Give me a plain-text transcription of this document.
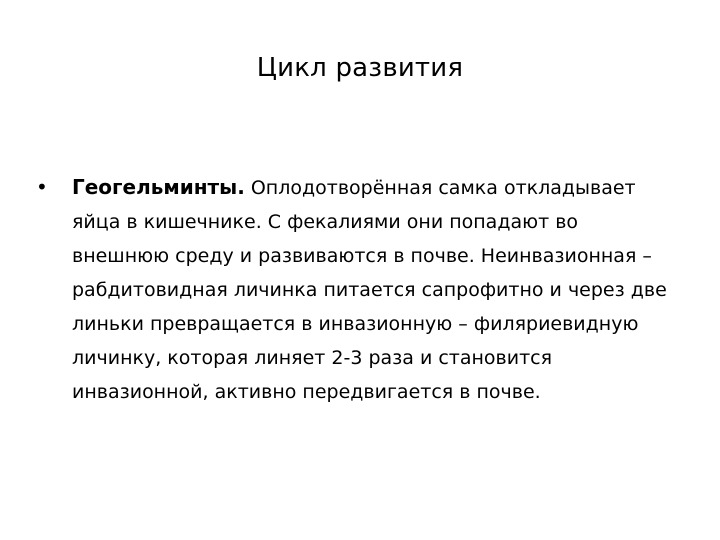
Цикл развития
• Геогельминты. Оплодотворённая самка откладывает яйца в кишечнике. С фекалиями они попадают во внешнюю среду и развиваются в почве. Неинвазионная – рабдитовидная личинка питается сапрофитно и через две линьки превращается в инвазионную – филяриевидную личинку, которая линяет 2-3 раза и становится инвазионной, активно передвигается в почве.
